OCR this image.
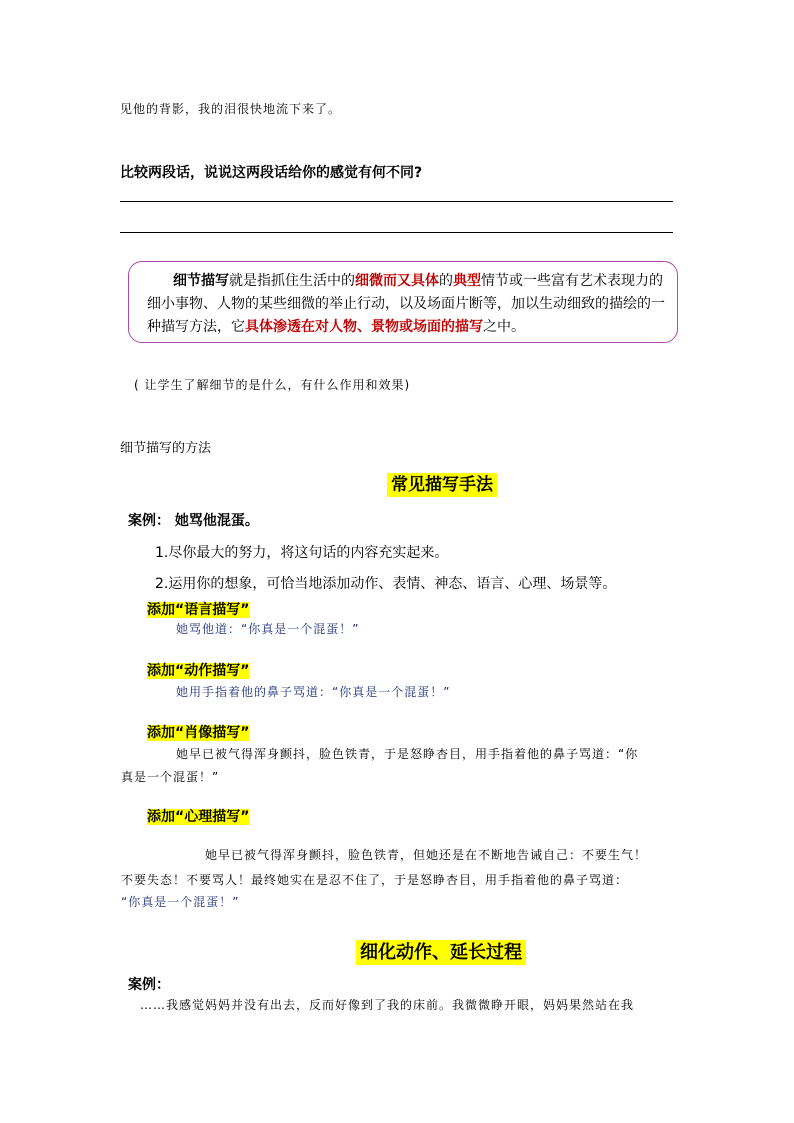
见他的背影，我的泪很快地流下来了。
比较两段话，说说这两段话给你的感觉有何不同?

细节描写就是指抓住生活中的细微而又具体的典型情节或一些富有艺术表现力的

细小事物、人物的某些细微的举止行动，以及场面片断等，加以生动细致的描绘的一

种描写方法，它具体渗透在对人物、景物或场面的描写之中。

( 让学生了解细节的是什么，有什么作用和效果)
细节描写的方法
常见描写手法
案例： 她骂他混蛋。
1.尽你最大的努力，将这句话的内容充实起来。
2.运用你的想象，可恰当地添加动作、表情、神态、语言、心理、场景等。
添加“语言描写”
她骂他道：“你真是一个混蛋！”
添加“动作描写”
她用手指着他的鼻子骂道：“你真是一个混蛋！”
添加“肖像描写”
她早已被气得浑身颤抖，脸色铁青，于是怒睁杏目，用手指着他的鼻子骂道：“你
真是一个混蛋！”
添加“心理描写”
她早已被气得浑身颤抖，脸色铁青，但她还是在不断地告诫自己：不要生气！
不要失态！不要骂人！最终她实在是忍不住了，于是怒睁杏目，用手指着他的鼻子骂道：
“你真是一个混蛋！”
细化动作、延长过程
案例：
……我感觉妈妈并没有出去，反而好像到了我的床前。我微微睁开眼，妈妈果然站在我
